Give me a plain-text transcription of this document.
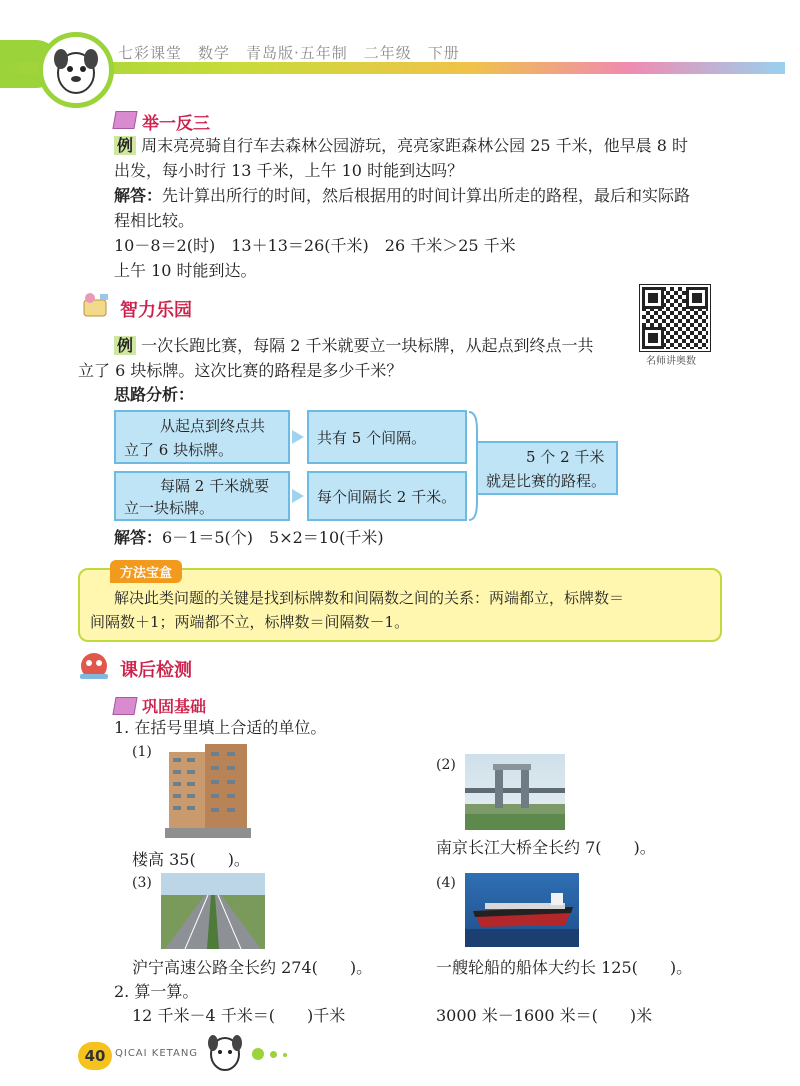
七彩课堂　数学　青岛版·五年制　二年级　下册
举一反三
例 周末亮亮骑自行车去森林公园游玩，亮亮家距森林公园 25 千米，他早晨 8 时
出发，每小时行 13 千米，上午 10 时能到达吗？
解答：先计算出所行的时间，然后根据用的时间计算出所走的路程，最后和实际路
程相比较。
10－8＝2(时)　13＋13＝26(千米)　26 千米＞25 千米
上午 10 时能到达。
智力乐园
名师讲奥数
例 一次长跑比赛，每隔 2 千米就要立一块标牌，从起点到终点一共
立了 6 块标牌。这次比赛的路程是多少千米？
思路分析：
从起点到终点共
立了 6 块标牌。
共有 5 个间隔。
每隔 2 千米就要
立一块标牌。
每个间隔长 2 千米。
5 个 2 千米
就是比赛的路程。
解答：6－1＝5(个)　5×2＝10(千米)
方法宝盒
解决此类问题的关键是找到标牌数和间隔数之间的关系：两端都立，标牌数＝
间隔数＋1；两端都不立，标牌数＝间隔数－1。
课后检测
巩固基础
1. 在括号里填上合适的单位。
(1)
楼高 35(　　)。
(2)
南京长江大桥全长约 7(　　)。
(3)
沪宁高速公路全长约 274(　　)。
(4)
一艘轮船的船体大约长 125(　　)。
2. 算一算。
12 千米－4 千米＝(　　)千米	3000 米－1600 米＝(　　)米
40 QICAI KETANG
